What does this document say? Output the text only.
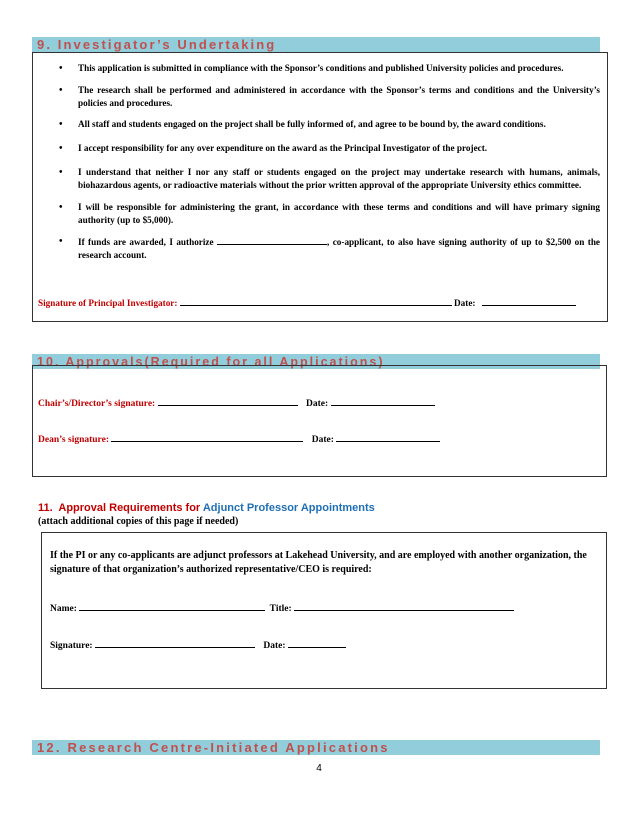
9. Investigator’s Undertaking
• This application is submitted in compliance with the Sponsor’s conditions and published University policies and procedures.
• The research shall be performed and administered in accordance with the Sponsor’s terms and conditions and the University’s policies and procedures.
• All staff and students engaged on the project shall be fully informed of, and agree to be bound by, the award conditions.
• I accept responsibility for any over expenditure on the award as the Principal Investigator of the project.
• I understand that neither I nor any staff or students engaged on the project may undertake research with humans, animals, biohazardous agents, or radioactive materials without the prior written approval of the appropriate University ethics committee.
• I will be responsible for administering the grant, in accordance with these terms and conditions and will have primary signing authority (up to $5,000).
• If funds are awarded, I authorize	, co-applicant, to also have signing authority of up to $2,500 on the research account.
Signature of Principal Investigator:	Date:
10. Approvals(Required for all Applications)
Chair’s/Director’s signature:	Date:
Dean’s signature:	Date:
11.  Approval Requirements for Adjunct Professor Appointments
(attach additional copies of this page if needed)
If the PI or any co-applicants are adjunct professors at Lakehead University, and are employed with another organization, the signature of that organization’s authorized representative/CEO is required:
Name:	Title:
Signature:	Date:
12. Research Centre-Initiated Applications
4
